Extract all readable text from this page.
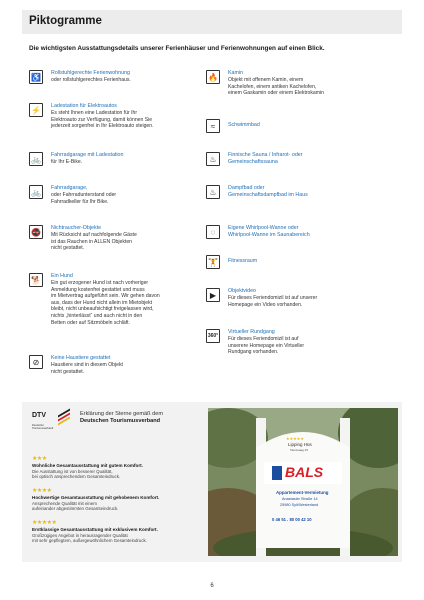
Piktogramme
Die wichtigsten Ausstattungsdetails unserer Ferienhäuser und Ferienwohnungen auf einen Blick.
♿	Rollstuhlgerechte Ferienwohnung
oder rollstuhlgerechtes Ferienhaus.
⚡	Ladestation für Elektroautos
Es steht Ihnen eine Ladestation für Ihr
Elektroauto zur Verfügung, damit können Sie
jederzeit sorgenfrei in Ihr Elektroauto steigen.
🚲	Fahrradgarage mit Ladestation
für Ihr E-Bike.
🚲	Fahrradgarage,
oder Fahrradunterstand oder
Fahrradkeller für Ihr Bike.
🚭	Nichtraucher-Objekte
Mit Rücksicht auf nachfolgende Gäste
ist das Rauchen in ALLEN Objekten
nicht gestattet.
🐕	Ein Hund
Ein gut erzogener Hund ist nach vorheriger
Anmeldung kostenfrei gestattet und muss
im Mietvertrag aufgeführt sein. Wir gehen davon
aus, dass der Hund nicht allein im Mietobjekt
bleibt, nicht unbeaufsichtigt freigelassen wird,
nichts „hinterlässt“ und auch nicht in den
Betten oder auf Sitzmöbeln schläft.
⊘	Keine Haustiere gestattet
Haustiere sind in diesem Objekt
nicht gestattet.
🔥	Kamin
Objekt mit offenem Kamin, einem
Kachelofen, einem antiken Kachelofen,
einem Gaskamin oder einem Elektrokamin
≈	Schwimmbad
♨	Finnische Sauna / Infrarot- oder
Gemeinschaftssauna
♨	Dampfbad oder
Gemeinschaftsdampfbad im Haus
◌	Eigene Whirlpool-Wanne oder
Whirlpool-Wanne im Saunabereich
🏋	Fitnessraum
▶	Objektvideo
Für dieses Feriendomizil ist auf unserer
Homepage ein Video vorhanden.
360°
Virtueller Rundgang
Für dieses Feriendomizil ist auf
unserere Homepage ein Virtueller
Rundgang vorhanden.
DTV
Deutscher
Tourismusverband
Erklärung der Sterne gemäß dem
Deutschen Tourismusverband
★★★
Wohnliche Gesamtausstattung mit gutem Komfort.
Die Ausstattung ist von besserer Qualität,
bei optisch ansprechendem Gesamteindruck.
★★★★
Hochwertige Gesamtausstattung mit gehobenem Komfort.
Ansprechende Qualität mit einem
aufeinander abgestimmten Gesamteindruck.
★★★★★
Erstklassige Gesamtausstattung mit exklusivem Komfort.
Großzügiges Angebot in herausragender Qualität
mit sehr gepflegtem, außergewöhnlichem Gesamteindruck.
★★★★★
Lipping Hüs
Kleinwaag 45
BALS
Appartement-Vermietung
Anastasier Straße 14
25980 Sylt/Westerland
0 46 51 . 80 00 42 10
6
